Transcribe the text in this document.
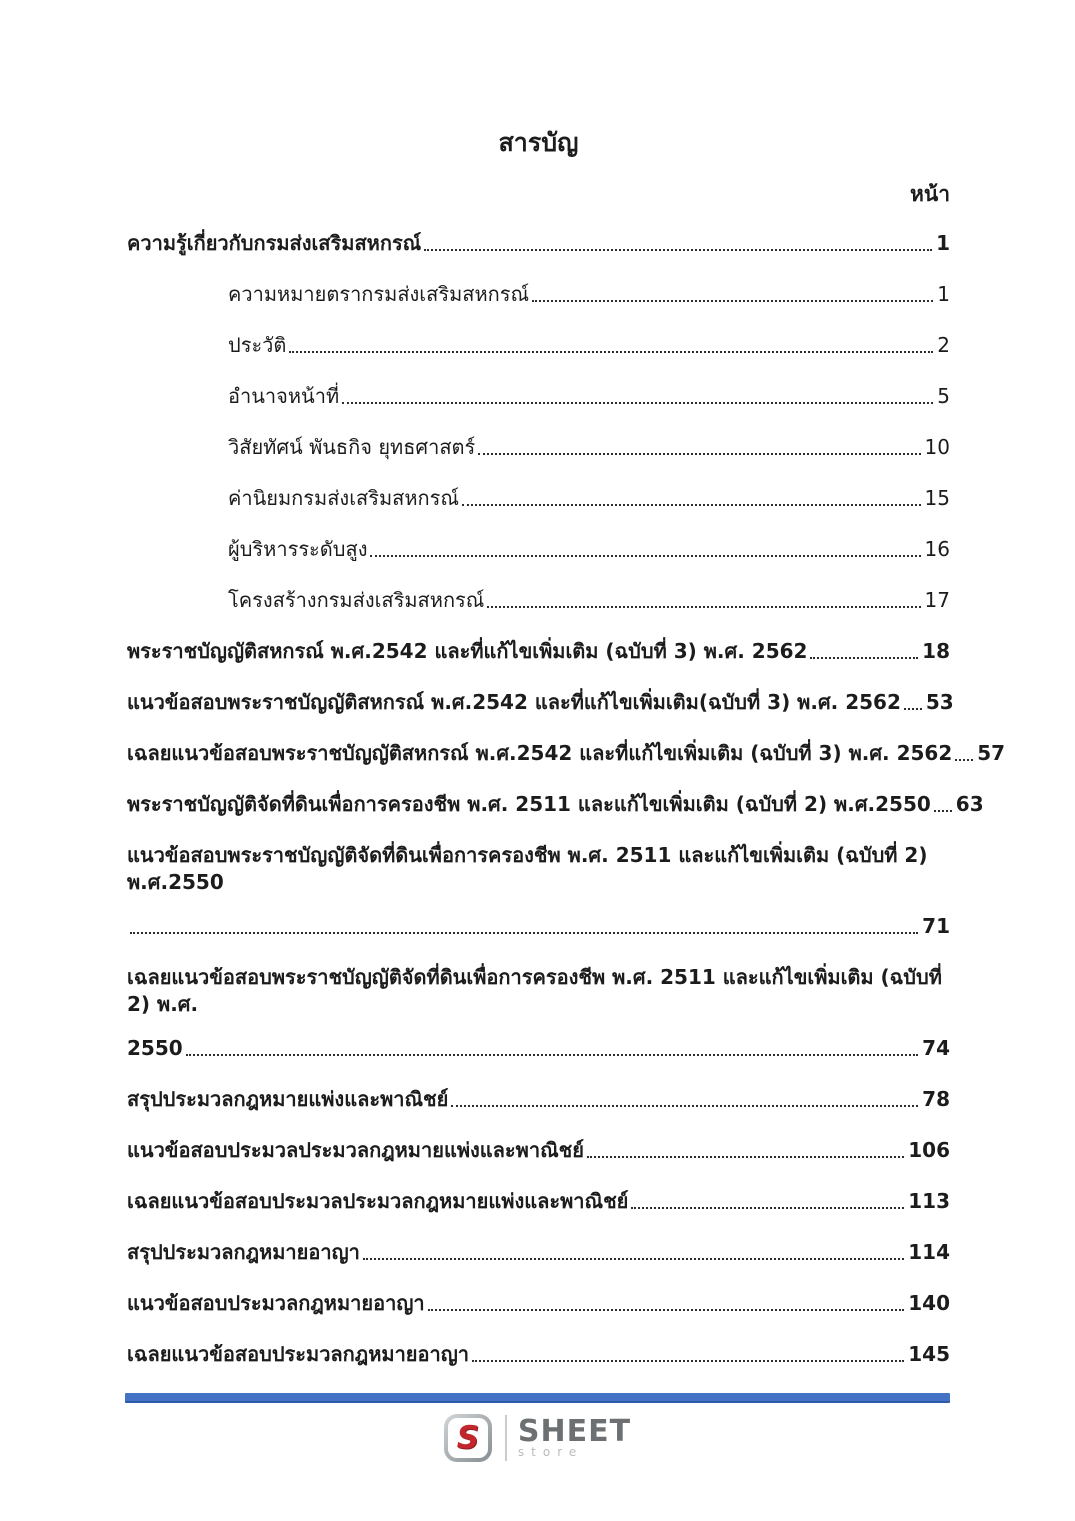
สารบัญ
หน้า
ความรู้เกี่ยวกับกรมส่งเสริมสหกรณ์	1
ความหมายตรากรมส่งเสริมสหกรณ์	1
ประวัติ	2
อำนาจหน้าที่	5
วิสัยทัศน์ พันธกิจ ยุทธศาสตร์	10
ค่านิยมกรมส่งเสริมสหกรณ์	15
ผู้บริหารระดับสูง	16
โครงสร้างกรมส่งเสริมสหกรณ์	17
พระราชบัญญัติสหกรณ์ พ.ศ.2542 และที่แก้ไขเพิ่มเติม (ฉบับที่ 3) พ.ศ. 2562	18
แนวข้อสอบพระราชบัญญัติสหกรณ์ พ.ศ.2542 และที่แก้ไขเพิ่มเติม(ฉบับที่ 3) พ.ศ. 2562 53
เฉลยแนวข้อสอบพระราชบัญญัติสหกรณ์ พ.ศ.2542 และที่แก้ไขเพิ่มเติม (ฉบับที่ 3) พ.ศ. 2562 57
พระราชบัญญัติจัดที่ดินเพื่อการครองชีพ พ.ศ. 2511 และแก้ไขเพิ่มเติม (ฉบับที่ 2) พ.ศ.2550 63
แนวข้อสอบพระราชบัญญัติจัดที่ดินเพื่อการครองชีพ พ.ศ. 2511 และแก้ไขเพิ่มเติม (ฉบับที่ 2) พ.ศ.2550
71
เฉลยแนวข้อสอบพระราชบัญญัติจัดที่ดินเพื่อการครองชีพ พ.ศ. 2511 และแก้ไขเพิ่มเติม (ฉบับที่ 2) พ.ศ.
2550	74
สรุปประมวลกฎหมายแพ่งและพาณิชย์	78
แนวข้อสอบประมวลประมวลกฎหมายแพ่งและพาณิชย์	106
เฉลยแนวข้อสอบประมวลประมวลกฎหมายแพ่งและพาณิชย์	113
สรุปประมวลกฎหมายอาญา	114
แนวข้อสอบประมวลกฎหมายอาญา	140
เฉลยแนวข้อสอบประมวลกฎหมายอาญา	145
S SHEET
store
